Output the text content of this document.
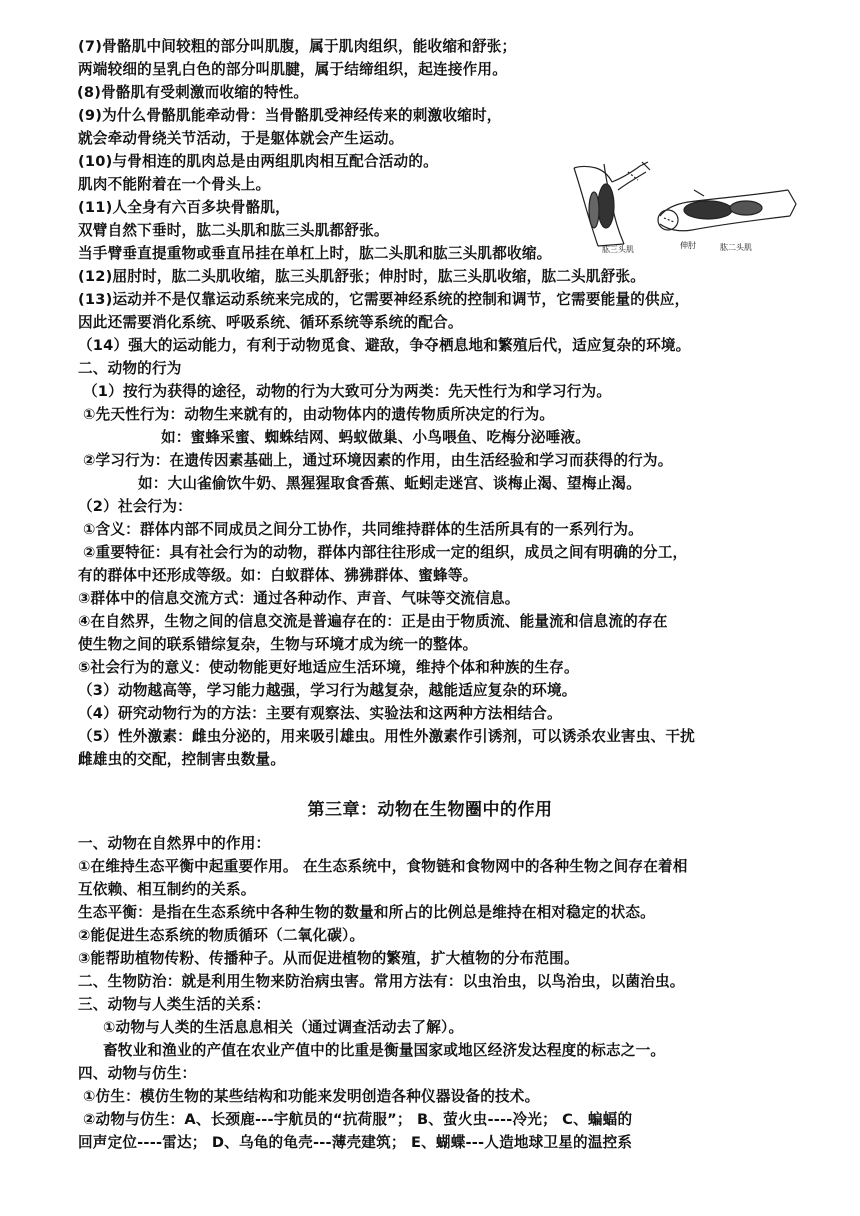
(7)骨骼肌中间较粗的部分叫肌腹，属于肌肉组织，能收缩和舒张；
两端较细的呈乳白色的部分叫肌腱，属于结缔组织，起连接作用。
(8)骨骼肌有受刺激而收缩的特性。
(9)为什么骨骼肌能牵动骨：当骨骼肌受神经传来的刺激收缩时，
就会牵动骨绕关节活动，于是躯体就会产生运动。
(10)与骨相连的肌肉总是由两组肌肉相互配合活动的。
肌肉不能附着在一个骨头上。
(11)人全身有六百多块骨骼肌，
双臂自然下垂时，肱二头肌和肱三头肌都舒张。
当手臂垂直提重物或垂直吊挂在单杠上时，肱二头肌和肱三头肌都收缩。
(12)屈肘时，肱二头肌收缩，肱三头肌舒张；伸肘时，肱三头肌收缩，肱二头肌舒张。
(13)运动并不是仅靠运动系统来完成的，它需要神经系统的控制和调节，它需要能量的供应，
因此还需要消化系统、呼吸系统、循环系统等系统的配合。
（14）强大的运动能力，有利于动物觅食、避敌，争夺栖息地和繁殖后代，适应复杂的环境。
二、动物的行为
（1）按行为获得的途径，动物的行为大致可分为两类：先天性行为和学习行为。
①先天性行为：动物生来就有的，由动物体内的遗传物质所决定的行为。
如：蜜蜂采蜜、蜘蛛结网、蚂蚁做巢、小鸟喂鱼、吃梅分泌唾液。
②学习行为：在遗传因素基础上，通过环境因素的作用，由生活经验和学习而获得的行为。
如：大山雀偷饮牛奶、黑猩猩取食香蕉、蚯蚓走迷宫、谈梅止渴、望梅止渴。
（2）社会行为：
①含义：群体内部不同成员之间分工协作，共同维持群体的生活所具有的一系列行为。
②重要特征：具有社会行为的动物，群体内部往往形成一定的组织，成员之间有明确的分工，
有的群体中还形成等级。如：白蚁群体、狒狒群体、蜜蜂等。
③群体中的信息交流方式：通过各种动作、声音、气味等交流信息。
④在自然界，生物之间的信息交流是普遍存在的：正是由于物质流、能量流和信息流的存在
使生物之间的联系错综复杂，生物与环境才成为统一的整体。
⑤社会行为的意义：使动物能更好地适应生活环境，维持个体和种族的生存。
（3）动物越高等，学习能力越强，学习行为越复杂，越能适应复杂的环境。
（4）研究动物行为的方法：主要有观察法、实验法和这两种方法相结合。
（5）性外激素：雌虫分泌的，用来吸引雄虫。用性外激素作引诱剂，可以诱杀农业害虫、干扰
雌雄虫的交配，控制害虫数量。
第三章：动物在生物圈中的作用
一、动物在自然界中的作用：
①在维持生态平衡中起重要作用。 在生态系统中，食物链和食物网中的各种生物之间存在着相
互依赖、相互制约的关系。
生态平衡：是指在生态系统中各种生物的数量和所占的比例总是维持在相对稳定的状态。
②能促进生态系统的物质循环（二氧化碳）。
③能帮助植物传粉、传播种子。从而促进植物的繁殖，扩大植物的分布范围。
二、生物防治：就是利用生物来防治病虫害。常用方法有：以虫治虫，以鸟治虫，以菌治虫。
三、动物与人类生活的关系：
①动物与人类的生活息息相关（通过调查活动去了解）。
畜牧业和渔业的产值在农业产值中的比重是衡量国家或地区经济发达程度的标志之一。
四、动物与仿生：
①仿生：模仿生物的某些结构和功能来发明创造各种仪器设备的技术。
②动物与仿生：A、长颈鹿---宇航员的“抗荷服”； B、萤火虫----冷光； C、蝙蝠的
回声定位----雷达； D、乌龟的龟壳---薄壳建筑； E、蝴蝶---人造地球卫星的温控系
肱三头肌	伸肘	肱二头肌
